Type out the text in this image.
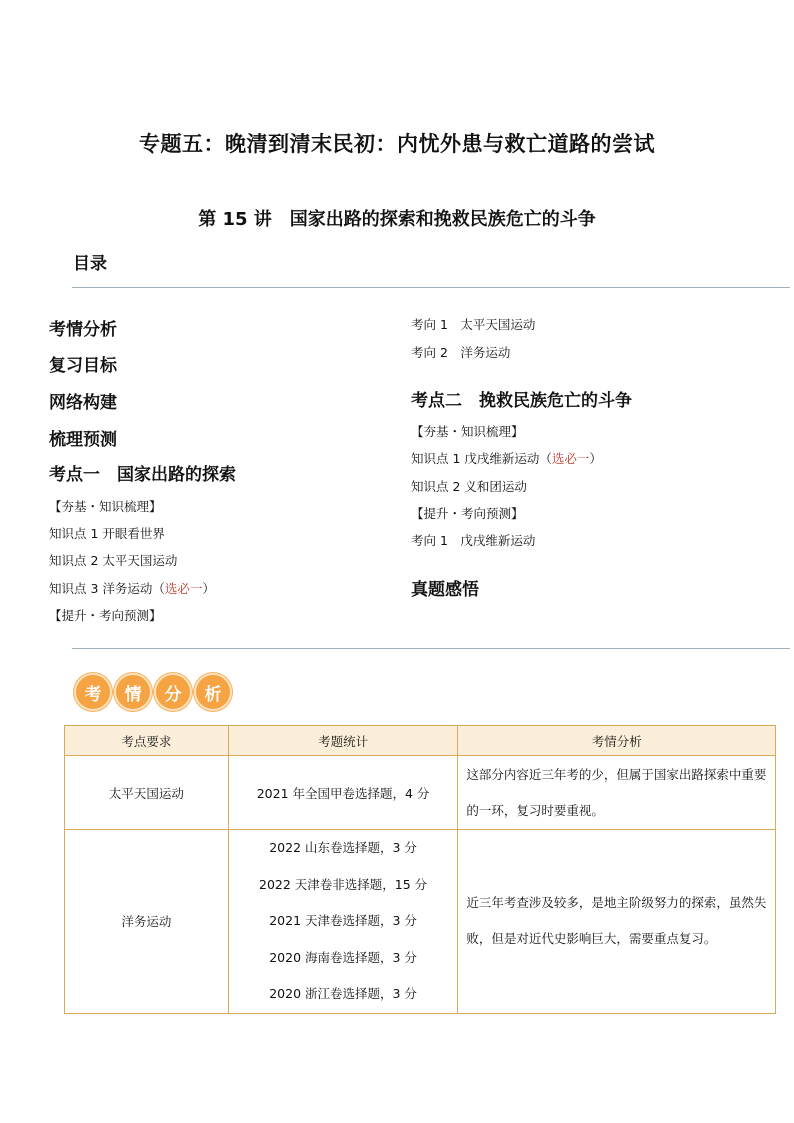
专题五：晚清到清末民初：内忧外患与救亡道路的尝试
第 15 讲　国家出路的探索和挽救民族危亡的斗争
目录
考情分析
复习目标
网络构建
梳理预测
考点一　国家出路的探索
【夯基・知识梳理】
知识点 1 开眼看世界
知识点 2 太平天国运动
知识点 3 洋务运动（选必一）
【提升・考向预测】
考向 1　太平天国运动
考向 2　洋务运动
考点二　挽救民族危亡的斗争
【夯基・知识梳理】
知识点 1 戊戌维新运动（选必一）
知识点 2 义和团运动
【提升・考向预测】
考向 1　戊戌维新运动
真题感悟
考	情	分	析
考点要求	考题统计	考情分析
太平天国运动	2021 年全国甲卷选择题，4 分	这部分内容近三年考的少，但属于国家出路探索中重要的一环，复习时要重视。
洋务运动	2022 山东卷选择题，3 分
2022 天津卷非选择题，15 分
2021 天津卷选择题，3 分
2020 海南卷选择题，3 分
2020 浙江卷选择题，3 分	近三年考查涉及较多，是地主阶级努力的探索，虽然失败，但是对近代史影响巨大，需要重点复习。
